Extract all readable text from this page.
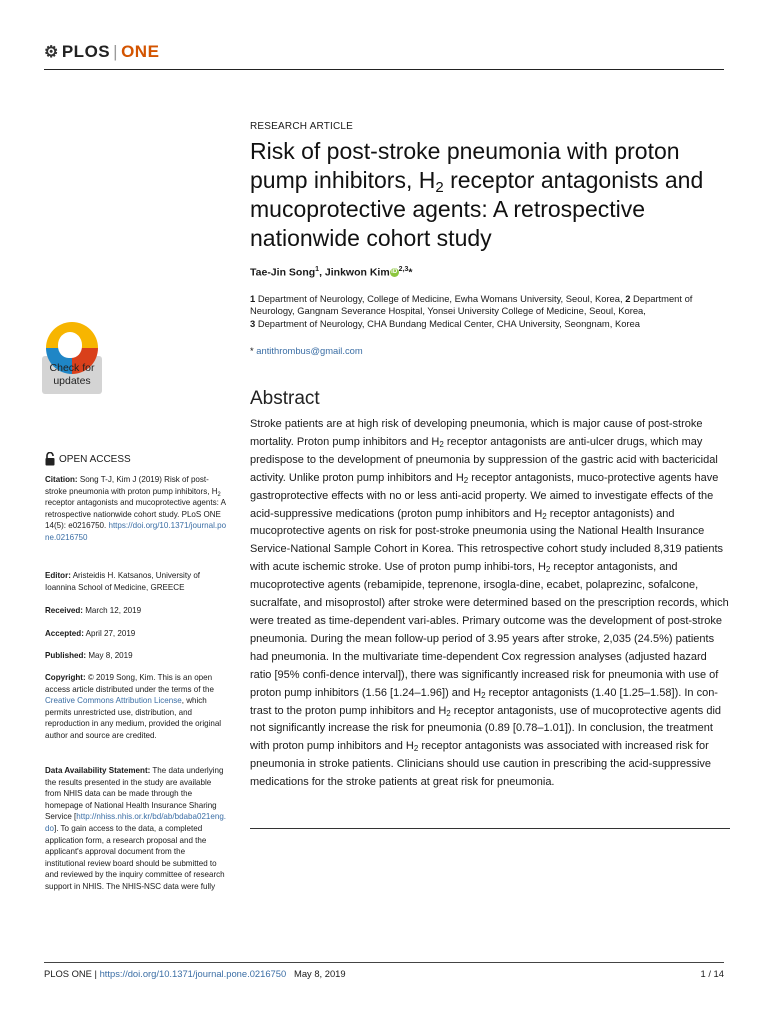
⚙ PLOS | ONE
RESEARCH ARTICLE
Risk of post-stroke pneumonia with proton pump inhibitors, $H_2$ receptor antagonists and mucoprotective agents: A retrospective nationwide cohort study
Tae-Jin Song$^1$, Jinkwon Kim iD $^{2,3}$*
1 Department of Neurology, College of Medicine, Ewha Womans University, Seoul, Korea, 2 Department of Neurology, Gangnam Severance Hospital, Yonsei University College of Medicine, Seoul, Korea,
3 Department of Neurology, CHA Bundang Medical Center, CHA University, Seongnam, Korea
* antithrombus@gmail.com
Abstract
Stroke patients are at high risk of developing pneumonia, which is major cause of post-stroke mortality. Proton pump inhibitors and $H_2$ receptor antagonists are anti-ulcer drugs, which may predispose to the development of pneumonia by suppression of the gastric acid with bactericidal activity. Unlike proton pump inhibitors and $H_2$ receptor antagonists, muco-protective agents have gastroprotective effects with no or less anti-acid property. We aimed to investigate effects of the acid-suppressive medications (proton pump inhibitors and $H_2$ receptor antagonists) and mucoprotective agents on risk for post-stroke pneumonia using the National Health Insurance Service-National Sample Cohort in Korea. This retrospective cohort study included 8,319 patients with acute ischemic stroke. Use of proton pump inhibi-tors, $H_2$ receptor antagonists, and mucoprotective agents (rebamipide, teprenone, irsogla-dine, ecabet, polaprezinc, sofalcone, sucralfate, and misoprostol) after stroke were determined based on the prescription records, which were treated as time-dependent vari-ables. Primary outcome was the development of post-stroke pneumonia. During the mean follow-up period of 3.95 years after stroke, 2,035 (24.5%) patients had pneumonia. In the multivariate time-dependent Cox regression analyses (adjusted hazard ratio [95% confi-dence interval]), there was significantly increased risk for pneumonia with use of proton pump inhibitors (1.56 [1.24–1.96]) and $H_2$ receptor antagonists (1.40 [1.25–1.58]). In con-trast to the proton pump inhibitors and $H_2$ receptor antagonists, use of mucoprotective agents did not significantly increase the risk for pneumonia (0.89 [0.78–1.01]). In conclusion, the treatment with proton pump inhibitors and $H_2$ receptor antagonists was associated with increased risk for pneumonia in stroke patients. Clinicians should use caution in prescribing the acid-suppressive medications for the stroke patients at great risk for pneumonia.
Check for
updates
OPEN ACCESS
Citation: Song T-J, Kim J (2019) Risk of post-stroke pneumonia with proton pump inhibitors, $H_2$ receptor antagonists and mucoprotective agents: A retrospective nationwide cohort study. PLoS ONE 14(5): e0216750. https://doi.org/10.1371/journal.pone.0216750
Editor: Aristeidis H. Katsanos, University of Ioannina School of Medicine, GREECE
Received: March 12, 2019
Accepted: April 27, 2019
Published: May 8, 2019
Copyright: © 2019 Song, Kim. This is an open access article distributed under the terms of the Creative Commons Attribution License, which permits unrestricted use, distribution, and reproduction in any medium, provided the original author and source are credited.
Data Availability Statement: The data underlying the results presented in the study are available from NHIS data can be made through the homepage of National Health Insurance Sharing Service [http://nhiss.nhis.or.kr/bd/ab/bdaba021eng.do]. To gain access to the data, a completed application form, a research proposal and the applicant's approval document from the institutional review board should be submitted to and reviewed by the inquiry committee of research support in NHIS. The NHIS-NSC data were fully
PLOS ONE | https://doi.org/10.1371/journal.pone.0216750 May 8, 2019	1 / 14
